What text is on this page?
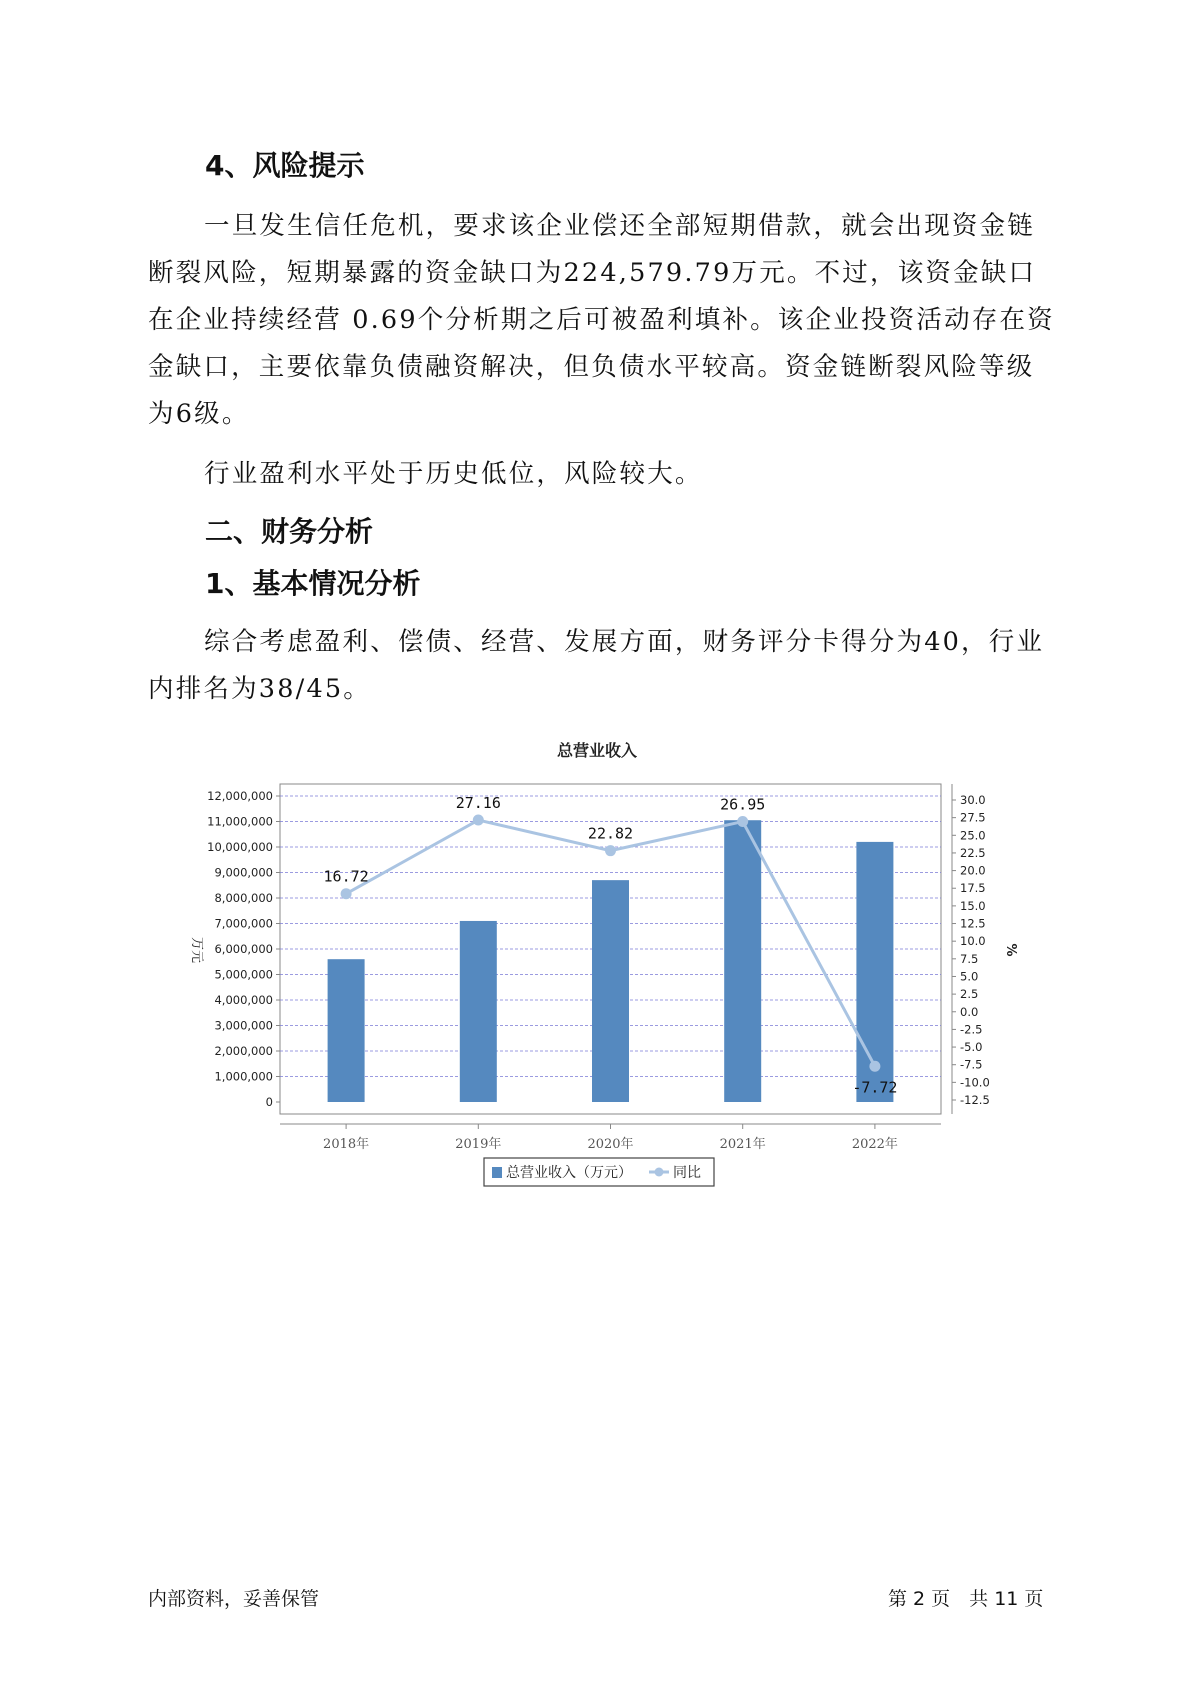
4、风险提示

一旦发生信任危机，要求该企业偿还全部短期借款，就会出现资金链断裂风险，短期暴露的资金缺口为224,579.79万元。不过，该资金缺口在企业持续经营 0.69个分析期之后可被盈利填补。该企业投资活动存在资金缺口，主要依靠负债融资解决，但负债水平较高。资金链断裂风险等级为6级。

行业盈利水平处于历史低位，风险较大。

二、财务分析
1、基本情况分析

综合考虑盈利、偿债、经营、发展方面，财务评分卡得分为40，行业内排名为38/45。

总营业收入
0
1,000,000
2,000,000
3,000,000
4,000,000
5,000,000
6,000,000
7,000,000
8,000,000
9,000,000
10,000,000
11,000,000
12,000,000
-12.5
-10.0
-7.5
-5.0
-2.5
0.0
2.5
5.0
7.5
10.0
12.5
15.0
17.5
20.0
22.5
25.0
27.5
30.0
2018年	2019年	2020年	2021年	2022年
16.72
27.16
22.82
26.95
-7.72
万元	%
总营业收入（万元）	同比
内部资料，妥善保管	第 2 页　共 11 页
